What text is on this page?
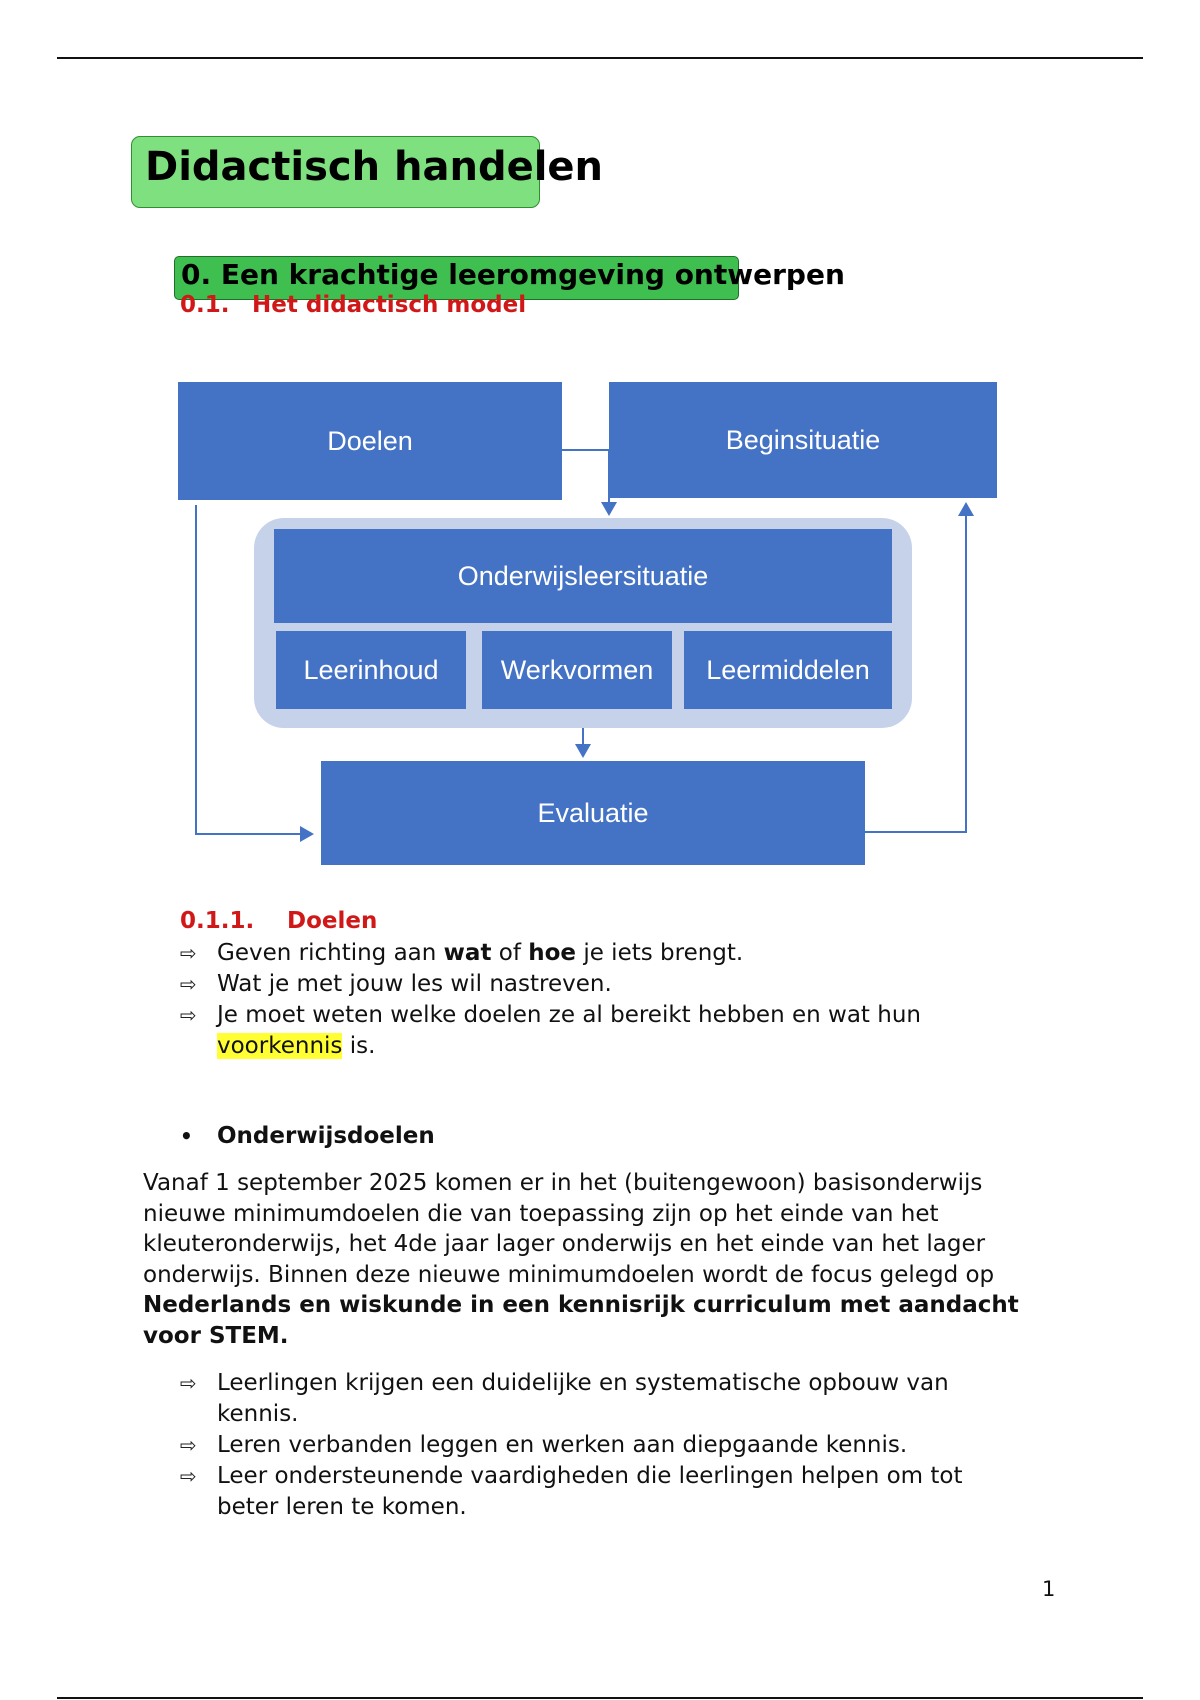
Didactisch handelen
0. Een krachtige leeromgeving ontwerpen
0.1. Het didactisch model
Doelen	Beginsituatie
Onderwijsleersituatie
Leerinhoud	Werkvormen	Leermiddelen
Evaluatie
0.1.1. Doelen
⇨ Geven richting aan wat of hoe je iets brengt.
⇨ Wat je met jouw les wil nastreven.
⇨ Je moet weten welke doelen ze al bereikt hebben en wat hun
voorkennis is.

• Onderwijsdoelen

Vanaf 1 september 2025 komen er in het (buitengewoon) basisonderwijs nieuwe minimumdoelen die van toepassing zijn op het einde van het kleuteronderwijs, het 4de jaar lager onderwijs en het einde van het lager onderwijs. Binnen deze nieuwe minimumdoelen wordt de focus gelegd op Nederlands en wiskunde in een kennisrijk curriculum met aandacht voor STEM.

⇨ Leerlingen krijgen een duidelijke en systematische opbouw van kennis.
⇨ Leren verbanden leggen en werken aan diepgaande kennis.
⇨ Leer ondersteunende vaardigheden die leerlingen helpen om tot beter leren te komen.
1
